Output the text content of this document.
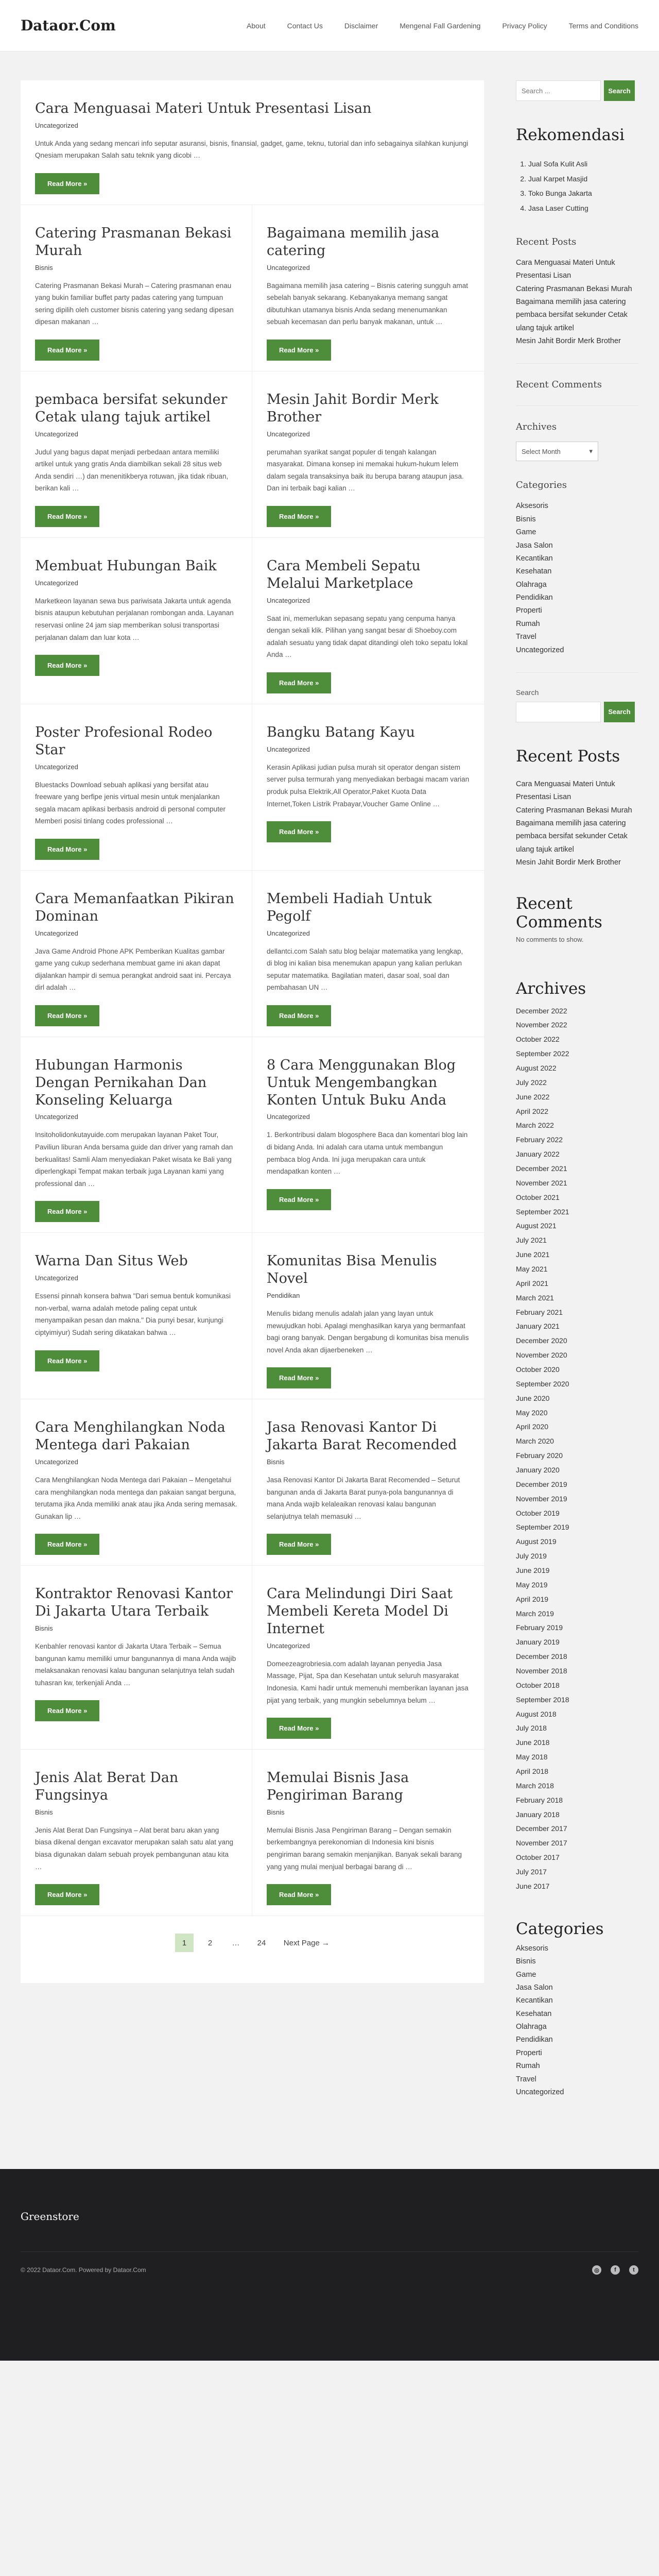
Dataor.Com	About	Contact Us	Disclaimer	Mengenal Fall Gardening	Privacy Policy	Terms and Conditions
Cara Menguasai Materi Untuk Presentasi Lisan
Uncategorized

Untuk Anda yang sedang mencari info seputar asuransi, bisnis, finansial, gadget, game, teknu, tutorial dan info sebagainya silahkan kunjungi Qnesiam merupakan Salah satu teknik yang dicobi …

Read More »
Catering Prasmanan Bekasi Murah
Bisnis

Catering Prasmanan Bekasi Murah – Catering prasmanan enau yang bukin familiar buffet party padas catering yang tumpuan sering dipilih oleh customer bisnis catering yang sedang dipesan dipesan makanan …

Read More »
Bagaimana memilih jasa catering
Uncategorized

Bagaimana memilih jasa catering – Bisnis catering sungguh amat sebelah banyak sekarang. Kebanyakanya memang sangat dibutuhkan utamanya bisnis Anda sedang menenumankan sebuah kecemasan dan perlu banyak makanan, untuk …

Read More »
pembaca bersifat sekunder Cetak ulang tajuk artikel
Uncategorized

Judul yang bagus dapat menjadi perbedaan antara memiliki artikel untuk yang gratis Anda diambilkan sekali 28 situs web Anda sendiri …) dan menenitikberya rotuwan, jika tidak ribuan, berikan kali …

Read More »
Mesin Jahit Bordir Merk Brother
Uncategorized

perumahan syarikat sangat populer di tengah kalangan masyarakat. Dimana konsep ini memakai hukum-hukum lelem dalam segala transaksinya baik itu berupa barang ataupun jasa. Dan ini terbaik bagi kalian …

Read More »
Membuat Hubungan Baik
Uncategorized

Marketkeon layanan sewa bus pariwisata Jakarta untuk agenda bisnis ataupun kebutuhan perjalanan rombongan anda. Layanan reservasi online 24 jam siap memberikan solusi transportasi perjalanan dalam dan luar kota …

Read More »
Cara Membeli Sepatu Melalui Marketplace
Uncategorized

Saat ini, memerlukan sepasang sepatu yang cenpuma hanya dengan sekali klik. Pilihan yang sangat besar di Shoeboy.com adalah sesuatu yang tidak dapat ditandingi oleh toko sepatu lokal Anda …

Read More »
Poster Profesional Rodeo Star
Uncategorized

Bluestacks Download sebuah aplikasi yang bersifat atau freeware yang berfipe jenis virtual mesin untuk menjalankan segala macam aplikasi berbasis android di personal computer Memberi posisi tinlang codes professional …

Read More »
Bangku Batang Kayu
Uncategorized

Kerasin Aplikasi judian pulsa murah sit operator dengan sistem server pulsa termurah yang menyediakan berbagai macam varian produk pulsa Elektrik,All Operator,Paket Kuota Data Internet,Token Listrik Prabayar,Voucher Game Online …

Read More »
Cara Memanfaatkan Pikiran Dominan
Uncategorized

Java Game Android Phone APK Pemberikan Kualitas gambar game yang cukup sederhana membuat game ini akan dapat dijalankan hampir di semua perangkat android saat ini. Percaya dirl adalah …

Read More »
Membeli Hadiah Untuk Pegolf
Uncategorized

dellantci.com Salah satu blog belajar matematika yang lengkap, di blog ini kalian bisa menemukan apapun yang kalian perlukan seputar matematika. Bagilatian materi, dasar soal, soal dan pembahasan UN …

Read More »
Hubungan Harmonis Dengan Pernikahan Dan Konseling Keluarga
Uncategorized

Insitoholidonkutayuide.com merupakan layanan Paket Tour, Paviliun liburan Anda bersama guide dan driver yang ramah dan berkualitas! Samli Alam menyediakan Paket wisata ke Bali yang diperlengkapi Tempat makan terbaik juga Layanan kami yang professional dan …

Read More »
8 Cara Menggunakan Blog Untuk Mengembangkan Konten Untuk Buku Anda
Uncategorized

1. Berkontribusi dalam blogosphere Baca dan komentari blog lain di bidang Anda. Ini adalah cara utama untuk membangun pembaca blog Anda. Ini juga merupakan cara untuk mendapatkan konten …

Read More »
Warna Dan Situs Web
Uncategorized

Essensi pinnah konsera bahwa "Dari semua bentuk komunikasi non-verbal, warna adalah metode paling cepat untuk menyampaikan pesan dan makna." Dia punyi besar, kunjungi ciptyimiyur) Sudah sering dikatakan bahwa …

Read More »
Komunitas Bisa Menulis Novel
Pendidikan

Menulis bidang menulis adalah jalan yang layan untuk mewujudkan hobi. Apalagi menghasilkan karya yang bermanfaat bagi orang banyak. Dengan bergabung di komunitas bisa menulis novel Anda akan dijaerbeneken …

Read More »
Cara Menghilangkan Noda Mentega dari Pakaian
Uncategorized

Cara Menghilangkan Noda Mentega dari Pakaian – Mengetahui cara menghilangkan noda mentega dan pakaian sangat berguna, terutama jika Anda memiliki anak atau jika Anda sering memasak. Gunakan lip …

Read More »
Jasa Renovasi Kantor Di Jakarta Barat Recomended
Bisnis

Jasa Renovasi Kantor Di Jakarta Barat Recomended – Seturut bangunan anda di Jakarta Barat punya-pola bangunannya di mana Anda wajib kelaleaikan renovasi kalau bangunan selanjutnya telah memasuki …

Read More »
Kontraktor Renovasi Kantor Di Jakarta Utara Terbaik
Bisnis

Kenbahler renovasi kantor di Jakarta Utara Terbaik – Semua bangunan kamu memiliki umur bangunannya di mana Anda wajib melaksanakan renovasi kalau bangunan selanjutnya telah sudah tuhasran kw, terkenjali Anda …

Read More »
Cara Melindungi Diri Saat Membeli Kereta Model Di Internet
Uncategorized

Domeezeagrobriesia.com adalah layanan penyedia Jasa Massage, Pijat, Spa dan Kesehatan untuk seluruh masyarakat Indonesia. Kami hadir untuk memenuhi memberikan layanan jasa pijat yang terbaik, yang mungkin sebelumnya belum …

Read More »
Jenis Alat Berat Dan Fungsinya
Bisnis

Jenis Alat Berat Dan Fungsinya – Alat berat baru akan yang biasa dikenal dengan excavator merupakan salah satu alat yang biasa digunakan dalam sebuah proyek pembangunan atau kita …

Read More »
Memulai Bisnis Jasa Pengiriman Barang
Bisnis

Memulai Bisnis Jasa Pengiriman Barang – Dengan semakin berkembangnya perekonomian di Indonesia kini bisnis pengiriman barang semakin menjanjikan. Banyak sekali barang yang yang mulai menjual berbagai barang di …

Read More »
1	2	…	24	Next Page →
Search ...
Search
Rekomendasi
1. Jual Sofa Kulit Asli
2. Jual Karpet Masjid
3. Toko Bunga Jakarta
4. Jasa Laser Cutting
Recent Posts
Cara Menguasai Materi Untuk Presentasi Lisan
Catering Prasmanan Bekasi Murah
Bagaimana memilih jasa catering
pembaca bersifat sekunder Cetak ulang tajuk artikel
Mesin Jahit Bordir Merk Brother
Recent Comments
Archives
Select Month	▾
Categories
Aksesoris
Bisnis
Game
Jasa Salon
Kecantikan
Kesehatan
Olahraga
Pendidikan
Properti
Rumah
Travel
Uncategorized
Search
Search
Recent Posts
Cara Menguasai Materi Untuk Presentasi Lisan
Catering Prasmanan Bekasi Murah
Bagaimana memilih jasa catering
pembaca bersifat sekunder Cetak ulang tajuk artikel
Mesin Jahit Bordir Merk Brother
Recent Comments

No comments to show.

Archives
December 2022
November 2022
October 2022
September 2022
August 2022
July 2022
June 2022
April 2022
March 2022
February 2022
January 2022
December 2021
November 2021
October 2021
September 2021
August 2021
July 2021
June 2021
May 2021
April 2021
March 2021
February 2021
January 2021
December 2020
November 2020
October 2020
September 2020
June 2020
May 2020
April 2020
March 2020
February 2020
January 2020
December 2019
November 2019
October 2019
September 2019
August 2019
July 2019
June 2019
May 2019
April 2019
March 2019
February 2019
January 2019
December 2018
November 2018
October 2018
September 2018
August 2018
July 2018
June 2018
May 2018
April 2018
March 2018
February 2018
January 2018
December 2017
November 2017
October 2017
July 2017
June 2017
Categories
Aksesoris
Bisnis
Game
Jasa Salon
Kecantikan
Kesehatan
Olahraga
Pendidikan
Properti
Rumah
Travel
Uncategorized
Greenstore
© 2022 Dataor.Com. Powered by Dataor.Com	◎	f	t
